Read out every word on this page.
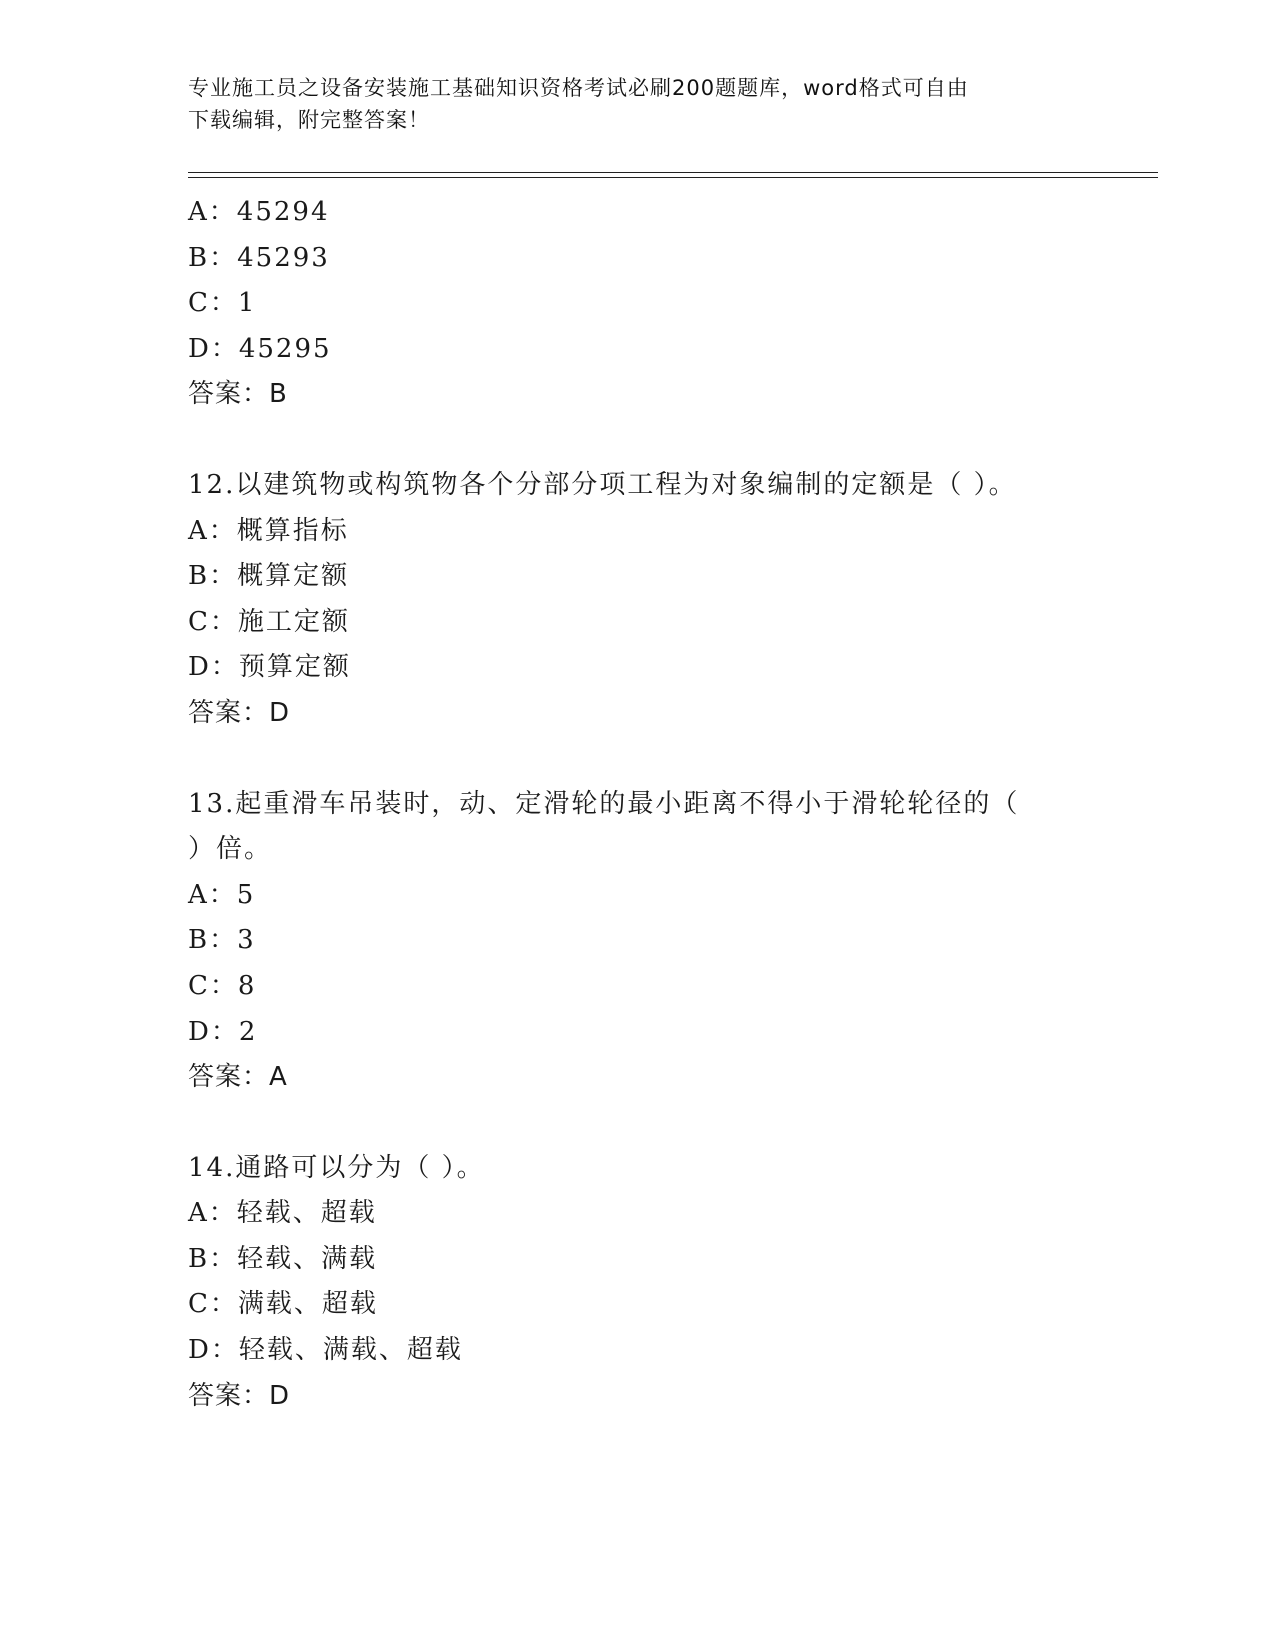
专业施工员之设备安装施工基础知识资格考试必刷200题题库，word格式可自由
下载编辑，附完整答案！

A：45294

B：45293

C：1

D：45295

答案：B

12.以建筑物或构筑物各个分部分项工程为对象编制的定额是（ ）。

A：概算指标

B：概算定额

C：施工定额

D：预算定额

答案：D

13.起重滑车吊装时，动、定滑轮的最小距离不得小于滑轮轮径的（

）倍。

A：5

B：3

C：8

D：2

答案：A

14.通路可以分为（ ）。

A：轻载、超载

B：轻载、满载

C：满载、超载

D：轻载、满载、超载

答案：D
